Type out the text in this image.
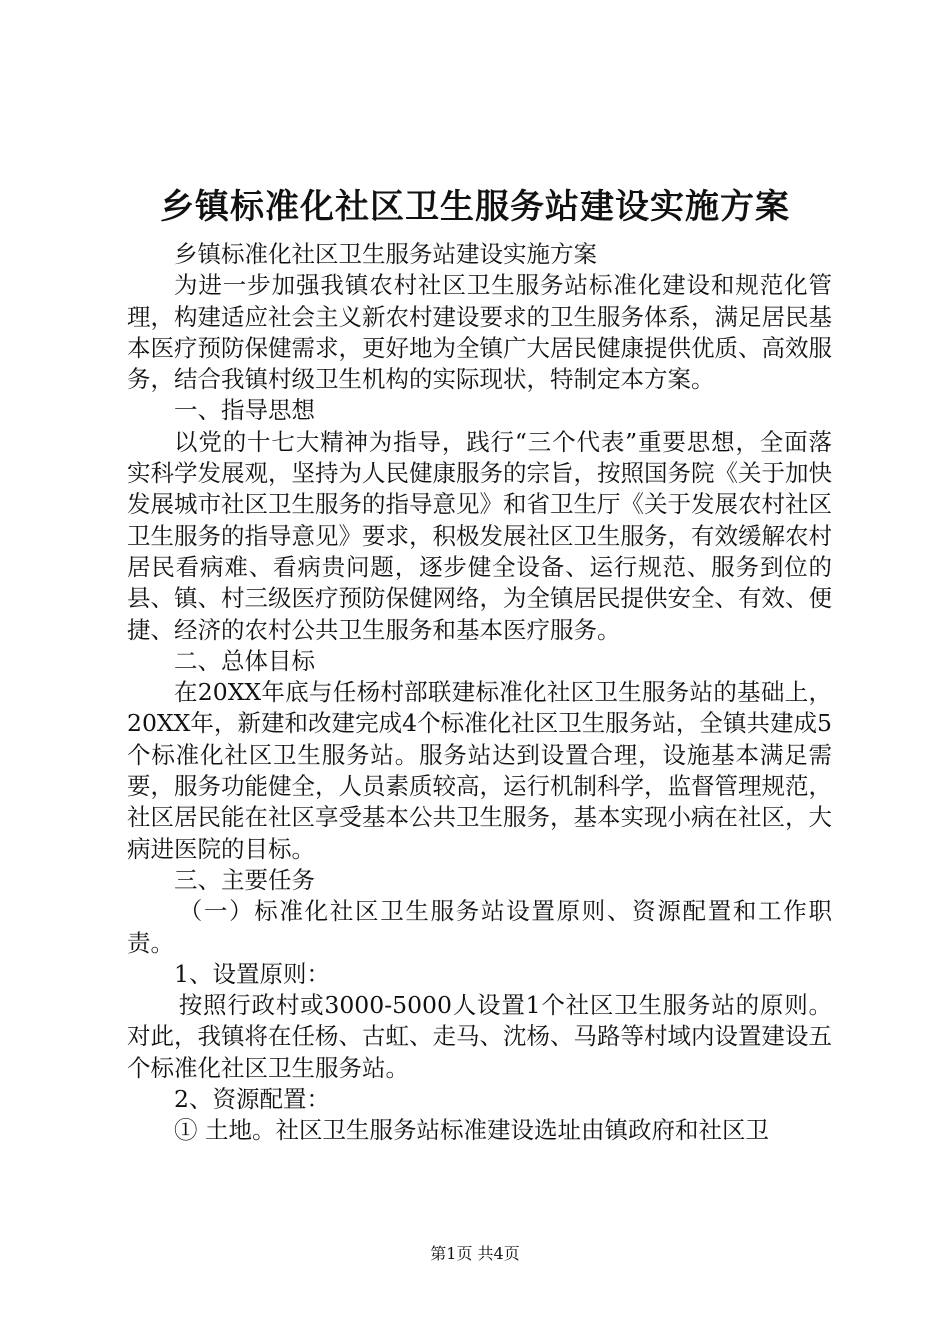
乡镇标准化社区卫生服务站建设实施方案

乡镇标准化社区卫生服务站建设实施方案

为进一步加强我镇农村社区卫生服务站标准化建设和规范化管理，构建适应社会主义新农村建设要求的卫生服务体系，满足居民基本医疗预防保健需求，更好地为全镇广大居民健康提供优质、高效服务，结合我镇村级卫生机构的实际现状，特制定本方案。

一、指导思想

以党的十七大精神为指导，践行“三个代表”重要思想，全面落实科学发展观，坚持为人民健康服务的宗旨，按照国务院《关于加快发展城市社区卫生服务的指导意见》和省卫生厅《关于发展农村社区卫生服务的指导意见》要求，积极发展社区卫生服务，有效缓解农村居民看病难、看病贵问题，逐步健全设备、运行规范、服务到位的县、镇、村三级医疗预防保健网络，为全镇居民提供安全、有效、便捷、经济的农村公共卫生服务和基本医疗服务。

二、总体目标

在20XX年底与任杨村部联建标准化社区卫生服务站的基础上，20XX年，新建和改建完成4个标准化社区卫生服务站，全镇共建成5个标准化社区卫生服务站。服务站达到设置合理，设施基本满足需要，服务功能健全，人员素质较高，运行机制科学，监督管理规范，社区居民能在社区享受基本公共卫生服务，基本实现小病在社区，大病进医院的目标。

三、主要任务

（一）标准化社区卫生服务站设置原则、资源配置和工作职责。

1、设置原则：

按照行政村或3000-5000人设置1个社区卫生服务站的原则。对此，我镇将在任杨、古虹、走马、沈杨、马路等村域内设置建设五个标准化社区卫生服务站。

2、资源配置：

① 土地。社区卫生服务站标准建设选址由镇政府和社区卫

第1页 共4页
